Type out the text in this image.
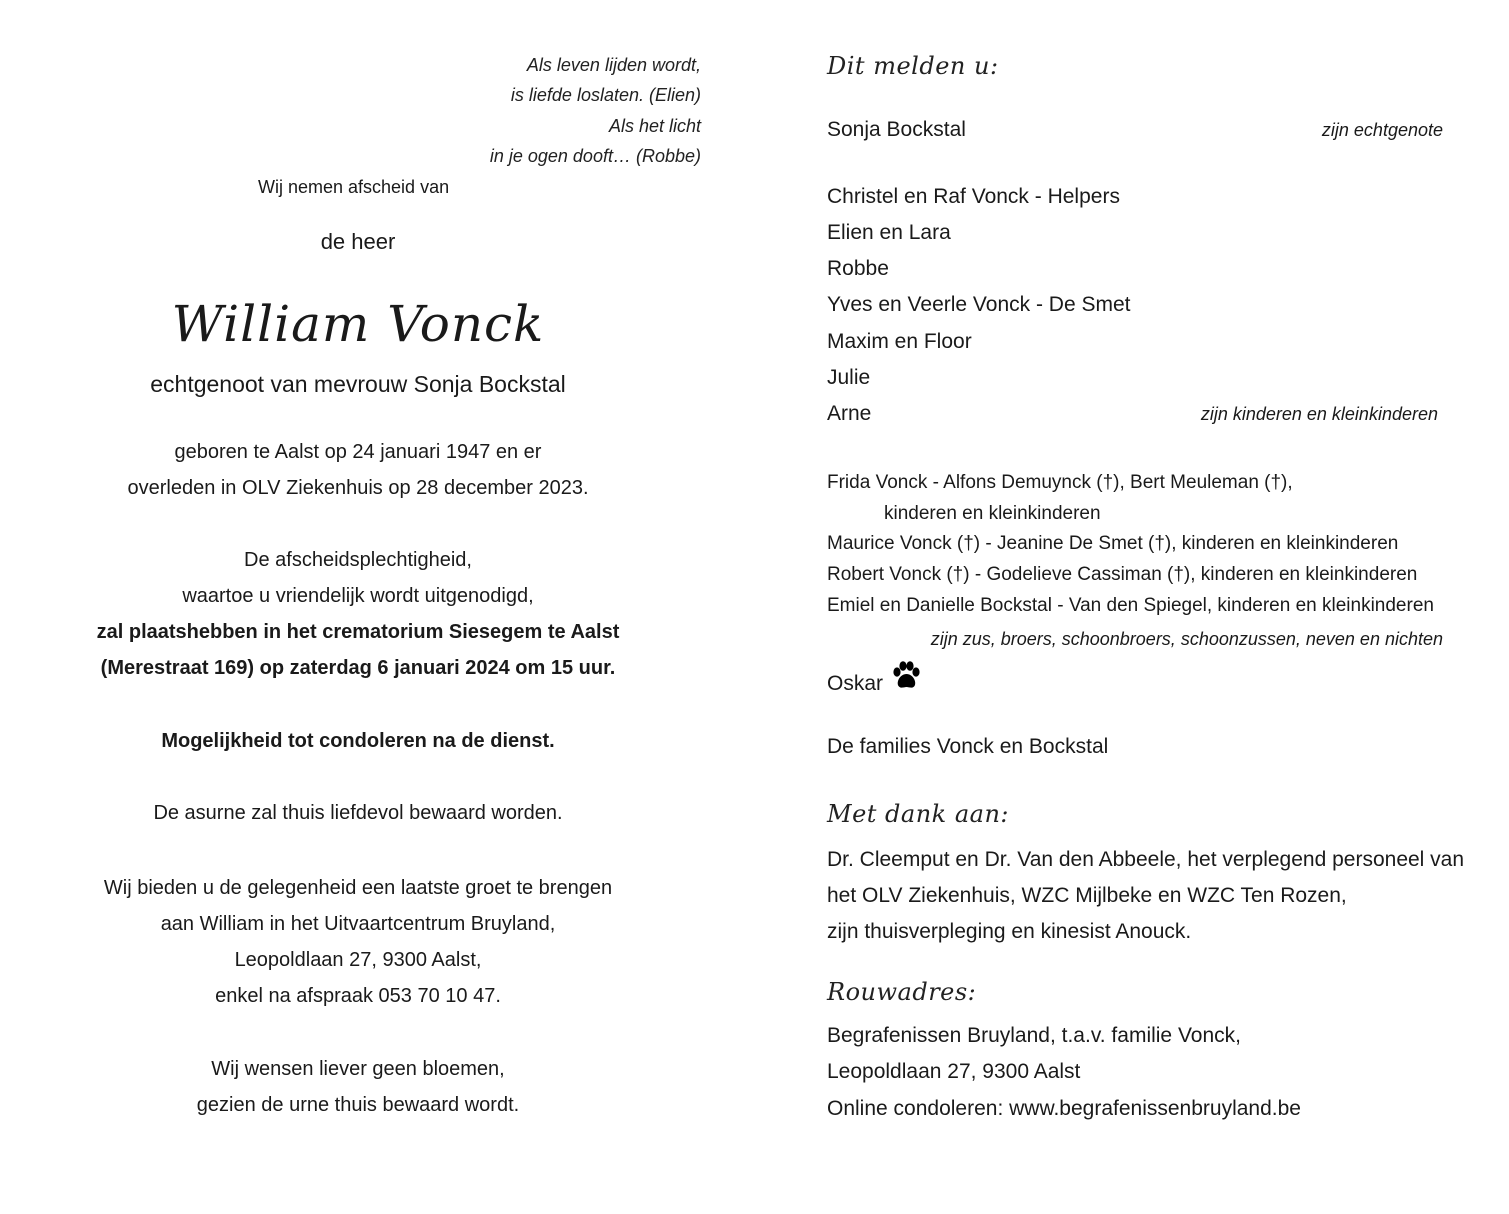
Als leven lijden wordt,
is liefde loslaten. (Elien)
Als het licht
in je ogen dooft… (Robbe)
Wij nemen afscheid van
de heer
William Vonck
echtgenoot van mevrouw Sonja Bockstal
geboren te Aalst op 24 januari 1947 en er
overleden in OLV Ziekenhuis op 28 december 2023.
De afscheidsplechtigheid,
waartoe u vriendelijk wordt uitgenodigd,
zal plaatshebben in het crematorium Siesegem te Aalst
(Merestraat 169) op zaterdag 6 januari 2024 om 15 uur.
Mogelijkheid tot condoleren na de dienst.
De asurne zal thuis liefdevol bewaard worden.
Wij bieden u de gelegenheid een laatste groet te brengen
aan William in het Uitvaartcentrum Bruyland,
Leopoldlaan 27, 9300 Aalst,
enkel na afspraak 053 70 10 47.
Wij wensen liever geen bloemen,
gezien de urne thuis bewaard wordt.
Dit melden u:
Sonja Bockstal	zijn echtgenote
Christel en Raf Vonck - Helpers
Elien en Lara
Robbe
Yves en Veerle Vonck - De Smet
Maxim en Floor
Julie
Arne	zijn kinderen en kleinkinderen
Frida Vonck - Alfons Demuynck (†), Bert Meuleman (†),
kinderen en kleinkinderen
Maurice Vonck (†) - Jeanine De Smet (†), kinderen en kleinkinderen
Robert Vonck (†) - Godelieve Cassiman (†), kinderen en kleinkinderen
Emiel en Danielle Bockstal - Van den Spiegel, kinderen en kleinkinderen
zijn zus, broers, schoonbroers, schoonzussen, neven en nichten
Oskar
De families Vonck en Bockstal
Met dank aan:
Dr. Cleemput en Dr. Van den Abbeele, het verplegend personeel van
het OLV Ziekenhuis, WZC Mijlbeke en WZC Ten Rozen,
zijn thuisverpleging en kinesist Anouck.
Rouwadres:
Begrafenissen Bruyland, t.a.v. familie Vonck,
Leopoldlaan 27, 9300 Aalst
Online condoleren: www.begrafenissenbruyland.be
